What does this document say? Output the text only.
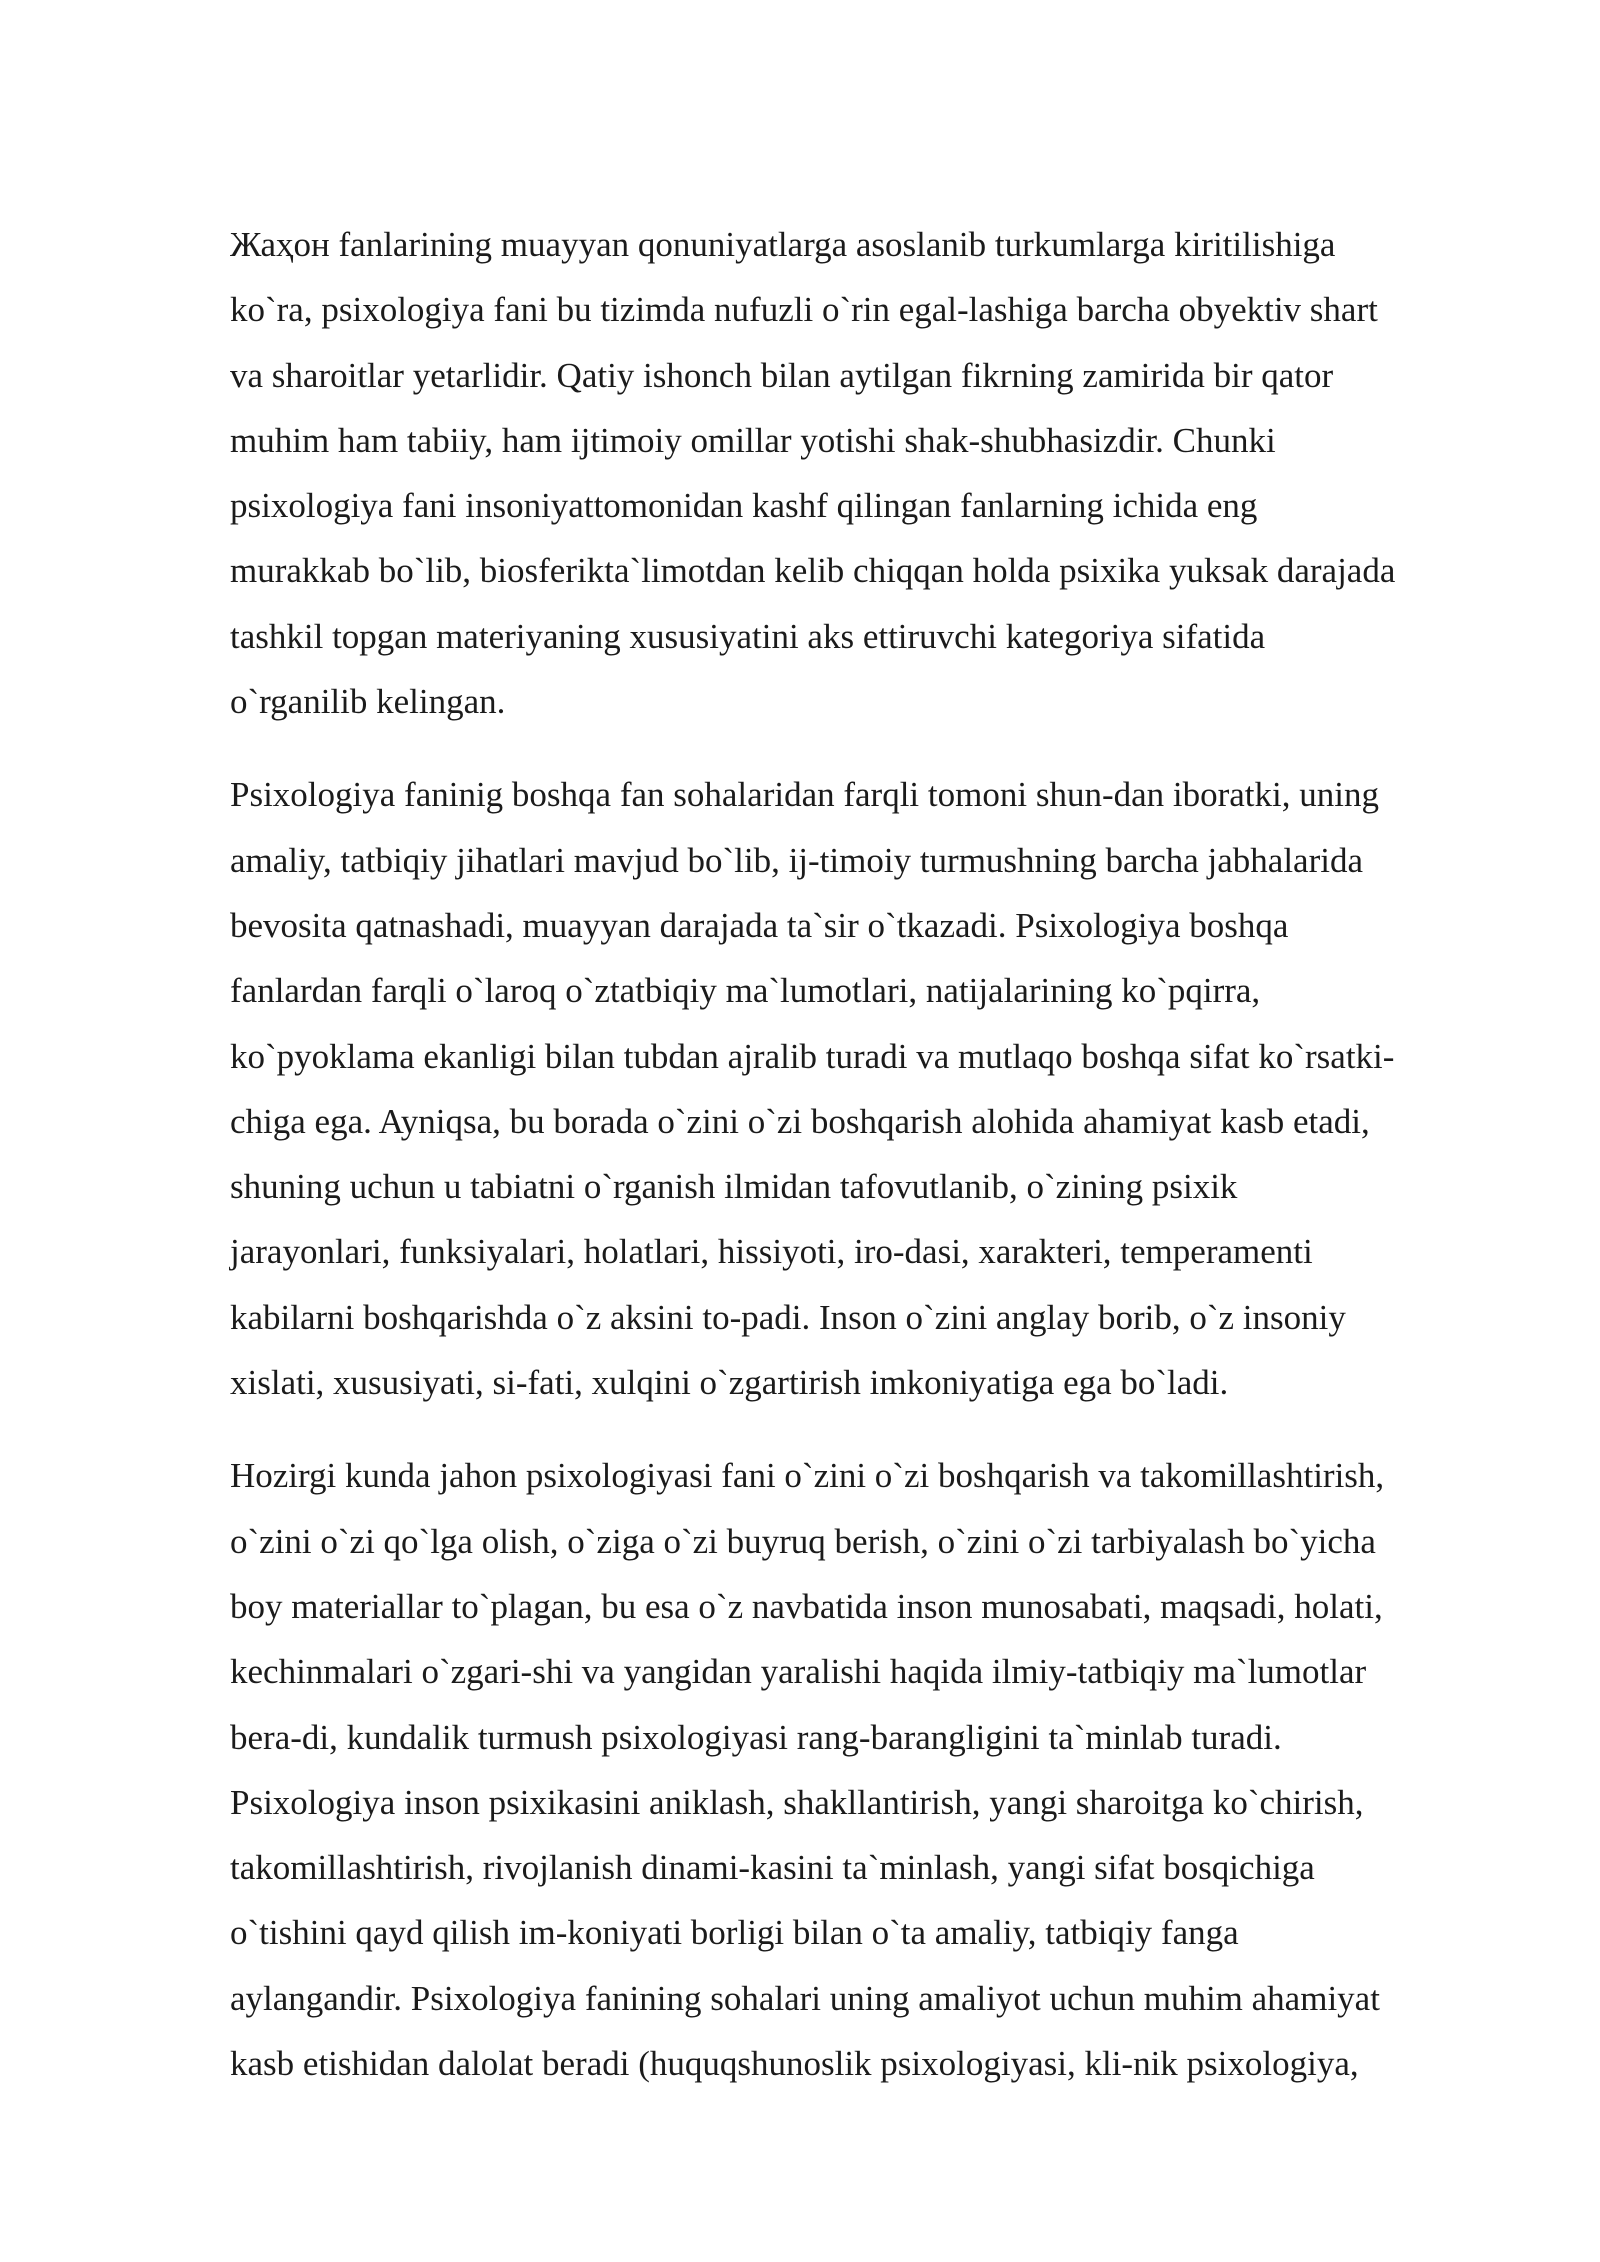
Жаҳон fanlarining muayyan qonuniyatlarga asoslanib turkumlarga kiritilishiga
ko`ra, psixologiya fani bu tizimda nufuzli o`rin egal-lashiga barcha obyektiv shart
va sharoitlar yetarlidir. Qatiy ishonch bilan aytilgan fikrning zamirida bir qator
muhim ham tabiiy, ham ijtimoiy omillar yotishi shak-shubhasizdir. Chunki
psixologiya fani insoniyattomonidan kashf qilingan fanlarning ichida eng
murakkab bo`lib, biosferikta`limotdan kelib chiqqan holda psixika yuksak darajada
tashkil topgan materiyaning xususiyatini aks ettiruvchi kategoriya sifatida
o`rganilib kelingan.

Psixologiya faninig boshqa fan sohalaridan farqli tomoni shun-dan iboratki, uning
amaliy, tatbiqiy jihatlari mavjud bo`lib, ij-timoiy turmushning barcha jabhalarida
bevosita qatnashadi, muayyan darajada ta`sir o`tkazadi. Psixologiya boshqa
fanlardan farqli o`laroq o`ztatbiqiy ma`lumotlari, natijalarining ko`pqirra,
ko`pyoklama ekanligi bilan tubdan ajralib turadi va mutlaqo boshqa sifat ko`rsatki-
chiga ega. Ayniqsa, bu borada o`zini o`zi boshqarish alohida ahamiyat kasb etadi,
shuning uchun u tabiatni o`rganish ilmidan tafovutlanib, o`zining psixik
jarayonlari, funksiyalari, holatlari, hissiyoti, iro-dasi, xarakteri, temperamenti
kabilarni boshqarishda o`z aksini to-padi. Inson o`zini anglay borib, o`z insoniy
xislati, xususiyati, si-fati, xulqini o`zgartirish imkoniyatiga ega bo`ladi.

Hozirgi kunda jahon psixologiyasi fani o`zini o`zi boshqarish va takomillashtirish,
o`zini o`zi qo`lga olish, o`ziga o`zi buyruq berish, o`zini o`zi tarbiyalash bo`yicha
boy materiallar to`plagan, bu esa o`z navbatida inson munosabati, maqsadi, holati,
kechinmalari o`zgari-shi va yangidan yaralishi haqida ilmiy-tatbiqiy ma`lumotlar
bera-di, kundalik turmush psixologiyasi rang-barangligini ta`minlab turadi.
Psixologiya inson psixikasini aniklash, shakllantirish, yangi sharoitga ko`chirish,
takomillashtirish, rivojlanish dinami-kasini ta`minlash, yangi sifat bosqichiga
o`tishini qayd qilish im-koniyati borligi bilan o`ta amaliy, tatbiqiy fanga
aylangandir. Psixologiya fanining sohalari uning amaliyot uchun muhim ahamiyat
kasb etishidan dalolat beradi (huquqshunoslik psixologiyasi, kli-nik psixologiya,
